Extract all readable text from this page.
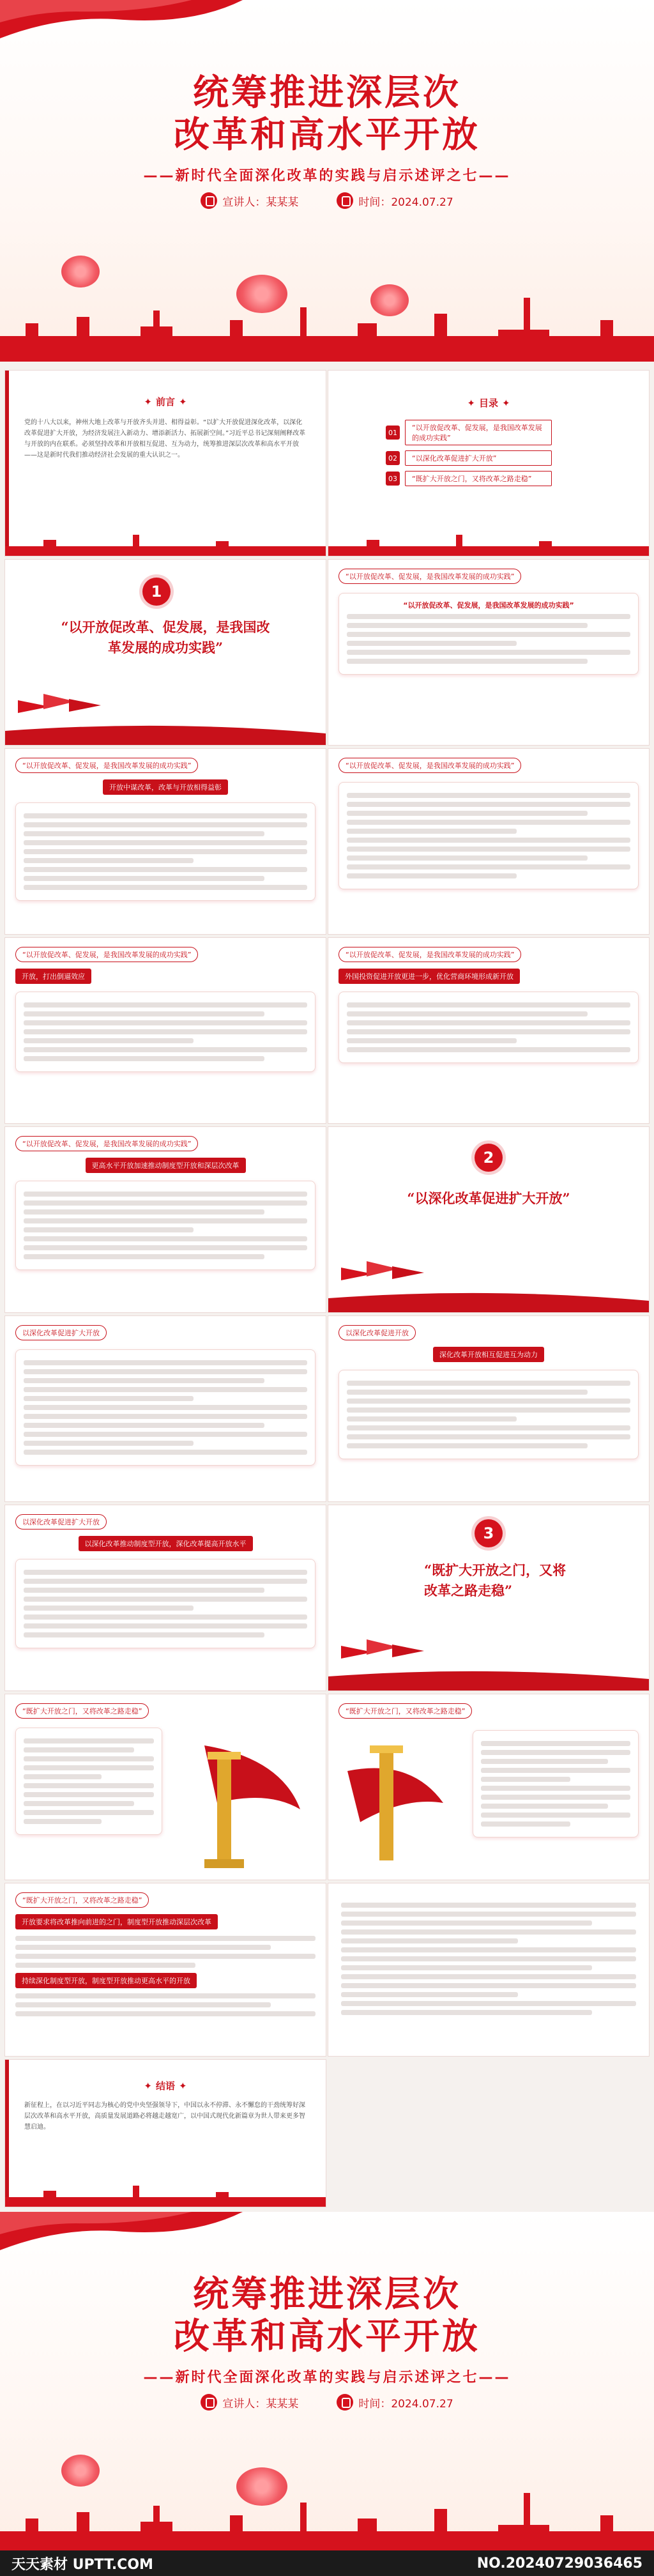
统筹推进深层次
改革和高水平开放
——新时代全面深化改革的实践与启示述评之七——
宣讲人：某某某	时间：2024.07.27
✦ 前言 ✦

党的十八大以来，神州大地上改革与开放齐头并进、相得益彰。“以扩大开放促进深化改革，以深化改革促进扩大开放，为经济发展注入新动力、增添新活力、拓展新空间。”习近平总书记深刻阐释改革与开放的内在联系。必须坚持改革和开放相互促进、互为动力，统筹推进深层次改革和高水平开放——这是新时代我们推动经济社会发展的重大认识之一。

✦ 目录 ✦
01
“以开放促改革、促发展，是我国改革发展的成功实践”
02	“以深化改革促进扩大开放”
03	“既扩大开放之门，又将改革之路走稳”
1
“以开放促改革、促发展，是我国改
革发展的成功实践”
“以开放促改革、促发展，是我国改革发展的成功实践”
“以开放促改革、促发展，是我国改革发展的成功实践”
“以开放促改革、促发展，是我国改革发展的成功实践”
开放中谋改革，改革与开放相得益彰
“以开放促改革、促发展，是我国改革发展的成功实践”
“以开放促改革、促发展，是我国改革发展的成功实践”
开放，打出倒逼效应
“以开放促改革、促发展，是我国改革发展的成功实践”
外国投资促进开放更进一步，优化营商环境形成新开放
“以开放促改革、促发展，是我国改革发展的成功实践”
更高水平开放加速推动制度型开放和深层次改革	2
“以深化改革促进扩大开放”
以深化改革促进扩大开放	以深化改革促进开放
深化改革开放相互促进互为动力
以深化改革促进扩大开放
以深化改革推动制度型开放，深化改革提高开放水平
3
“既扩大开放之门，又将
改革之路走稳”
“既扩大开放之门，又将改革之路走稳”	“既扩大开放之门，又将改革之路走稳”
“既扩大开放之门，又将改革之路走稳”
开放要求将改革推向前进的之门，制度型开放推动深层次改革
持续深化制度型开放，制度型开放推动更高水平的开放
✦ 结语 ✦

新征程上，在以习近平同志为核心的党中央坚强领导下，中国以永不停滞、永不懈怠的干劲统筹好深层次改革和高水平开放，高质量发展道路必将越走越宽广，以中国式现代化新篇章为世人带来更多智慧启迪。

统筹推进深层次
改革和高水平开放
——新时代全面深化改革的实践与启示述评之七——
宣讲人：某某某	时间：2024.07.27
天天素材 UPTT.COM	NO.20240729036465
